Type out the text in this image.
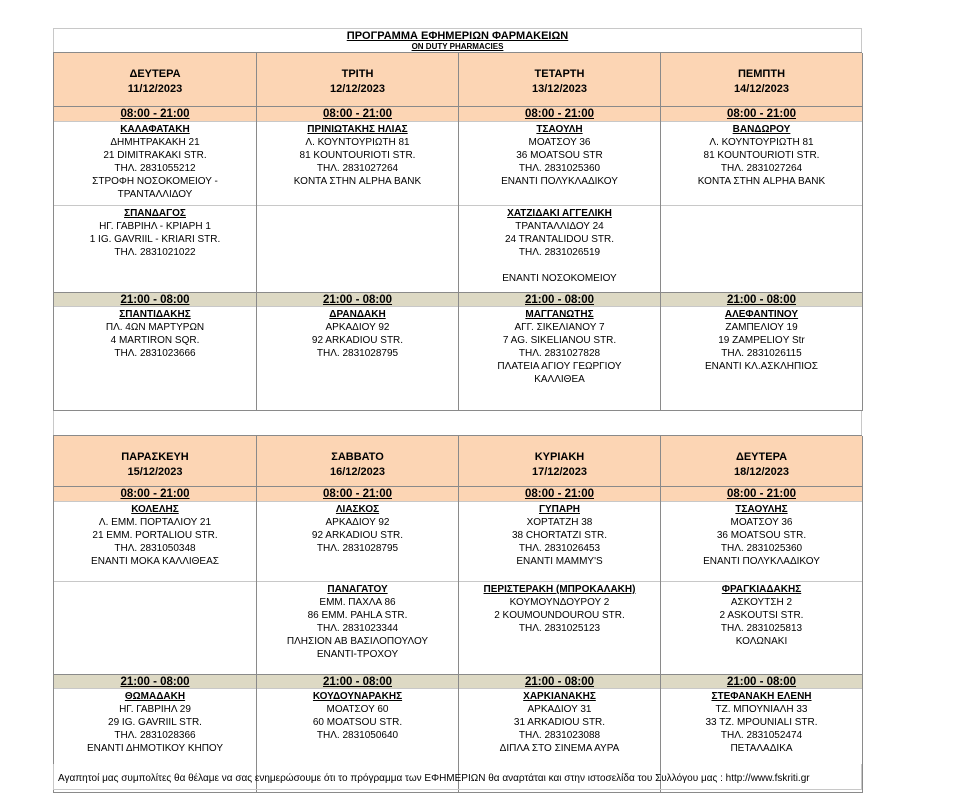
ΠΡΟΓΡΑΜΜΑ ΕΦΗΜΕΡΙΩΝ ΦΑΡΜΑΚΕΙΩΝ
ON DUTY PHARMACIES
ΔΕΥΤΕΡΑ
11/12/2023
08:00 - 21:00
ΚΑΛΑΦΑΤΑΚΗ
ΔΗΜΗΤΡΑΚΑΚΗ 21
21 DIMITRAKAKI STR.
ΤΗΛ. 2831055212
ΣΤΡΟΦΗ ΝΟΣΟΚΟΜΕΙΟΥ -
ΤΡΑΝΤΑΛΛΙΔΟΥ
ΣΠΑΝΔΑΓΟΣ
ΗΓ. ΓΑΒΡΙΗΛ - ΚΡΙΑΡΗ 1
1 IG. GAVRIIL - KRIARI STR.
ΤΗΛ. 2831021022
21:00 - 08:00
ΣΠΑΝΤΙΔΑΚΗΣ
ΠΛ. 4ΩΝ ΜΑΡΤΥΡΩΝ
4 MARTIRON SQR.
ΤΗΛ. 2831023666
ΤΡΙΤΗ
12/12/2023
08:00 - 21:00
ΠΡΙΝΙΩΤΑΚΗΣ ΗΛΙΑΣ
Λ. ΚΟΥΝΤΟΥΡΙΩΤΗ 81
81 KOUNTOURIOTI STR.
ΤΗΛ. 2831027264
ΚΟΝΤΑ ΣΤΗΝ ALPHA BANK
21:00 - 08:00
ΔΡΑΝΔΑΚΗ
ΑΡΚΑΔΙΟΥ 92
92 ARKADIOU STR.
ΤΗΛ. 2831028795
ΤΕΤΑΡΤΗ
13/12/2023
08:00 - 21:00
ΤΣΑΟΥΛΗ
ΜΟΑΤΣΟΥ 36
36 MOATSOU STR
ΤΗΛ. 2831025360
ΕΝΑΝΤΙ ΠΟΛΥΚΛΑΔΙΚΟΥ
ΧΑΤΖΙΔΑΚΙ ΑΓΓΕΛΙΚΗ
ΤΡΑΝΤΑΛΛΙΔΟΥ 24
24 TRANTALIDOU STR.
ΤΗΛ. 2831026519
ΕΝΑΝΤΙ ΝΟΣΟΚΟΜΕΙΟΥ
21:00 - 08:00
ΜΑΓΓΑΝΩΤΗΣ
ΑΓΓ. ΣΙΚΕΛΙΑΝΟΥ 7
7 AG. SIKELIANOU STR.
ΤΗΛ. 2831027828
ΠΛΑΤΕΙΑ ΑΓΙΟΥ ΓΕΩΡΓΙΟΥ
ΚΑΛΛΙΘΕΑ
ΠΕΜΠΤΗ
14/12/2023
08:00 - 21:00
ΒΑΝΔΩΡΟΥ
Λ. ΚΟΥΝΤΟΥΡΙΩΤΗ 81
81 KOUNTOURIOTI STR.
ΤΗΛ. 2831027264
ΚΟΝΤΑ ΣΤΗΝ ALPHA BANK
21:00 - 08:00
ΑΛΕΦΑΝΤΙΝΟΥ
ΖΑΜΠΕΛΙΟΥ 19
19 ZAMPELIOY Str
ΤΗΛ. 2831026115
ΕΝΑΝΤΙ ΚΛ.ΑΣΚΛΗΠΙΟΣ
ΠΑΡΑΣΚΕΥΗ
15/12/2023
08:00 - 21:00
ΚΟΛΕΛΗΣ
Λ. ΕΜΜ. ΠΟΡΤΑΛΙΟΥ 21
21 EMM. PORTALIOU STR.
ΤΗΛ. 2831050348
ΕΝΑΝΤΙ ΜΟΚΑ ΚΑΛΛΙΘΕΑΣ
21:00 - 08:00
ΘΩΜΑΔΑΚΗ
ΗΓ. ΓΑΒΡΙΗΛ 29
29 IG. GAVRIIL STR.
ΤΗΛ. 2831028366
ΕΝΑΝΤΙ ΔΗΜΟΤΙΚΟΥ ΚΗΠΟΥ
ΣΑΒΒΑΤΟ
16/12/2023
08:00 - 21:00
ΛΙΑΣΚΟΣ
ΑΡΚΑΔΙΟΥ 92
92 ARKADIOU STR.
ΤΗΛ. 2831028795
ΠΑΝΑΓΑΤΟΥ
ΕΜΜ. ΠΑΧΛΑ 86
86 EMM. PAHLA STR.
ΤΗΛ. 2831023344
ΠΛΗΣΙΟΝ ΑΒ ΒΑΣΙΛΟΠΟΥΛΟΥ
ΕΝΑΝΤΙ-ΤΡΟΧΟΥ
21:00 - 08:00
ΚΟΥΔΟΥΝΑΡΑΚΗΣ
ΜΟΑΤΣΟΥ 60
60 MOATSOU STR.
ΤΗΛ. 2831050640
ΚΥΡΙΑΚΗ
17/12/2023
08:00 - 21:00
ΓΥΠΑΡΗ
ΧΟΡΤΑΤΖΗ 38
38 CHORTATZI STR.
ΤΗΛ. 2831026453
ΕΝΑΝΤΙ MAMMY'S
ΠΕΡΙΣΤΕΡΑΚΗ (ΜΠΡΟΚΑΛΑΚΗ)
ΚΟΥΜΟΥΝΔΟΥΡΟΥ 2
2 KOUMOUNDOUROU STR.
ΤΗΛ. 2831025123
21:00 - 08:00
ΧΑΡΚΙΑΝΑΚΗΣ
ΑΡΚΑΔΙΟΥ 31
31 ARKADIOU STR.
ΤΗΛ. 2831023088
ΔΙΠΛΑ ΣΤΟ ΣΙΝΕΜΑ ΑΥΡΑ
ΔΕΥΤΕΡΑ
18/12/2023
08:00 - 21:00
ΤΣΑΟΥΛΗΣ
ΜΟΑΤΣΟΥ 36
36 MOATSOU STR.
ΤΗΛ. 2831025360
ΕΝΑΝΤΙ ΠΟΛΥΚΛΑΔΙΚΟΥ
ΦΡΑΓΚΙΑΔΑΚΗΣ
ΑΣΚΟΥΤΣΗ 2
2 ASKOUTSI STR.
ΤΗΛ. 2831025813
ΚΟΛΩΝΑΚΙ
21:00 - 08:00
ΣΤΕΦΑΝΑΚΗ ΕΛΕΝΗ
ΤΖ. ΜΠΟΥΝΙΑΛΗ 33
33 TZ. MPOUNIALI STR.
ΤΗΛ. 2831052474
ΠΕΤΑΛΑΔΙΚΑ
Αγαπητοί μας συμπολίτες θα θέλαμε να σας ενημερώσουμε ότι το πρόγραμμα των ΕΦΗΜΕΡΙΩΝ θα αναρτάται και στην ιστοσελίδα του Συλλόγου μας : http://www.fskriti.gr
